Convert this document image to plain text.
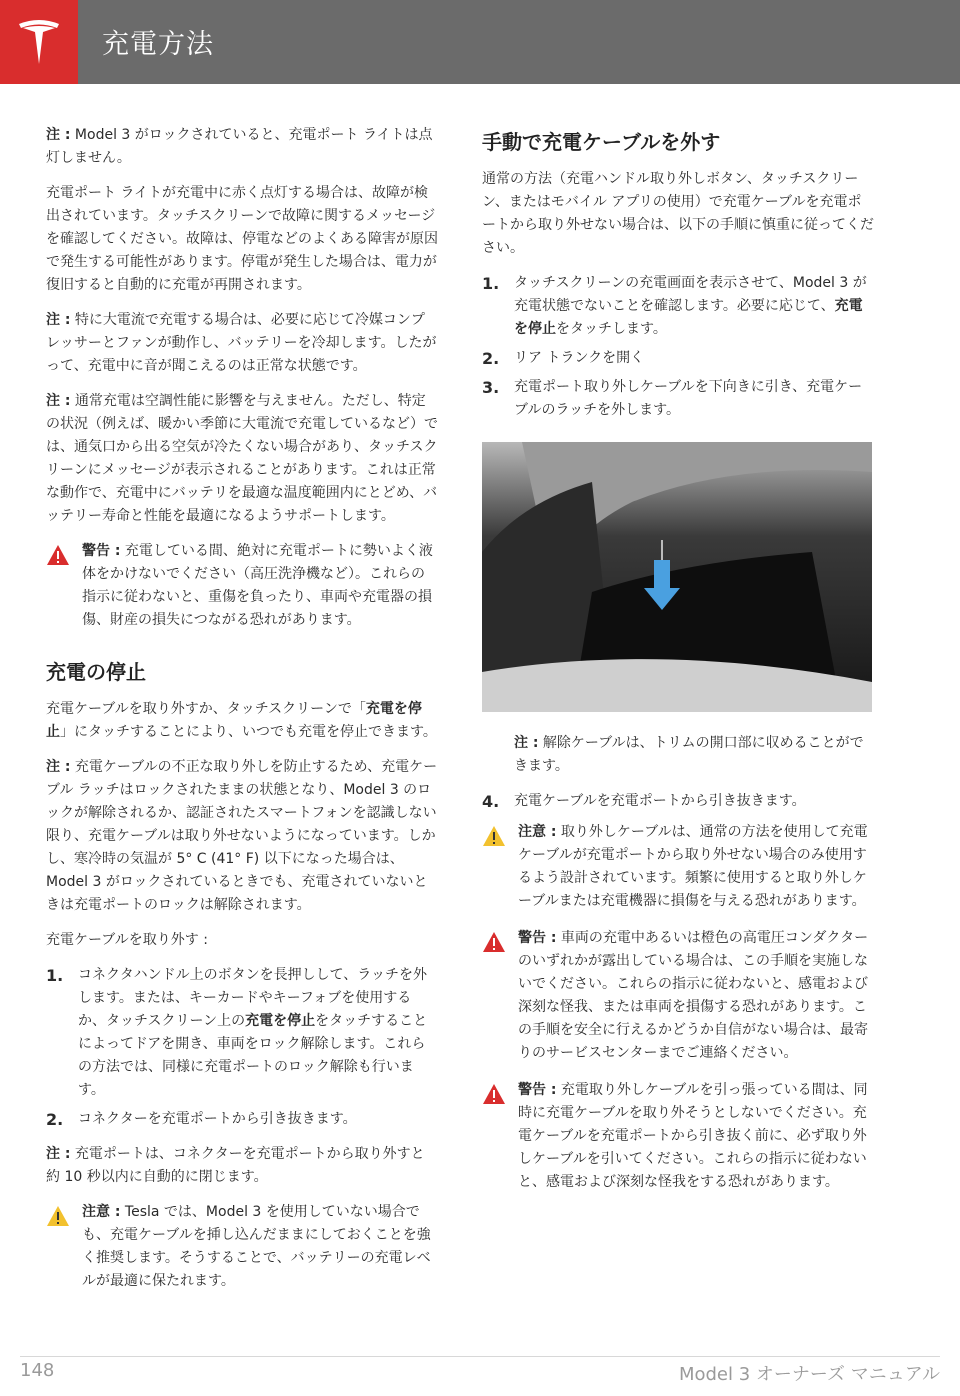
充電方法

注 : Model 3 がロックされていると、充電ポート ライトは点灯しません。

充電ポート ライトが充電中に赤く点灯する場合は、故障が検出されています。タッチスクリーンで故障に関するメッセージを確認してください。故障は、停電などのよくある障害が原因で発生する可能性があります。停電が発生した場合は、電力が復旧すると自動的に充電が再開されます。

注 : 特に大電流で充電する場合は、必要に応じて冷媒コンプレッサーとファンが動作し、バッテリーを冷却します。したがって、充電中に音が聞こえるのは正常な状態です。

注 : 通常充電は空調性能に影響を与えません。ただし、特定の状況（例えば、暖かい季節に大電流で充電しているなど）では、通気口から出る空気が冷たくない場合があり、タッチスクリーンにメッセージが表示されることがあります。これは正常な動作で、充電中にバッテリを最適な温度範囲内にとどめ、バッテリー寿命と性能を最適になるようサポートします。

警告 : 充電している間、絶対に充電ポートに勢いよく液体をかけないでください（高圧洗浄機など）。これらの指示に従わないと、重傷を負ったり、車両や充電器の損傷、財産の損失につながる恐れがあります。
充電の停止

充電ケーブルを取り外すか、タッチスクリーンで「充電を停止」にタッチすることにより、いつでも充電を停止できます。

注 : 充電ケーブルの不正な取り外しを防止するため、充電ケーブル ラッチはロックされたままの状態となり、Model 3 のロックが解除されるか、認証されたスマートフォンを認識しない限り、充電ケーブルは取り外せないようになっています。しかし、寒冷時の気温が 5° C (41° F) 以下になった場合は、Model 3 がロックされているときでも、充電されていないときは充電ポートのロックは解除されます。

充電ケーブルを取り外す :

1. コネクタハンドル上のボタンを長押しして、ラッチを外します。または、キーカードやキーフォブを使用するか、タッチスクリーン上の充電を停止をタッチすることによってドアを開き、車両をロック解除します。これらの方法では、同様に充電ポートのロック解除も行います。
2. コネクターを充電ポートから引き抜きます。

注 : 充電ポートは、コネクターを充電ポートから取り外すと約 10 秒以内に自動的に閉じます。

注意 : Tesla では、Model 3 を使用していない場合でも、充電ケーブルを挿し込んだままにしておくことを強く推奨します。そうすることで、バッテリーの充電レベルが最適に保たれます。
手動で充電ケーブルを外す

通常の方法（充電ハンドル取り外しボタン、タッチスクリーン、またはモバイル アプリの使用）で充電ケーブルを充電ポートから取り外せない場合は、以下の手順に慎重に従ってください。

1. タッチスクリーンの充電画面を表示させて、Model 3 が充電状態でないことを確認します。必要に応じて、充電を停止をタッチします。
2. リア トランクを開く
3. 充電ポート取り外しケーブルを下向きに引き、充電ケーブルのラッチを外します。

注 : 解除ケーブルは、トリムの開口部に収めることができます。

4. 充電ケーブルを充電ポートから引き抜きます。
注意 : 取り外しケーブルは、通常の方法を使用して充電ケーブルが充電ポートから取り外せない場合のみ使用するよう設計されています。頻繁に使用すると取り外しケーブルまたは充電機器に損傷を与える恐れがあります。
警告 : 車両の充電中あるいは橙色の高電圧コンダクターのいずれかが露出している場合は、この手順を実施しないでください。これらの指示に従わないと、感電および深刻な怪我、または車両を損傷する恐れがあります。この手順を安全に行えるかどうか自信がない場合は、最寄りのサービスセンターまでご連絡ください。
警告 : 充電取り外しケーブルを引っ張っている間は、同時に充電ケーブルを取り外そうとしないでください。充電ケーブルを充電ポートから引き抜く前に、必ず取り外しケーブルを引いてください。これらの指示に従わないと、感電および深刻な怪我をする恐れがあります。
148	Model 3 オーナーズ マニュアル
